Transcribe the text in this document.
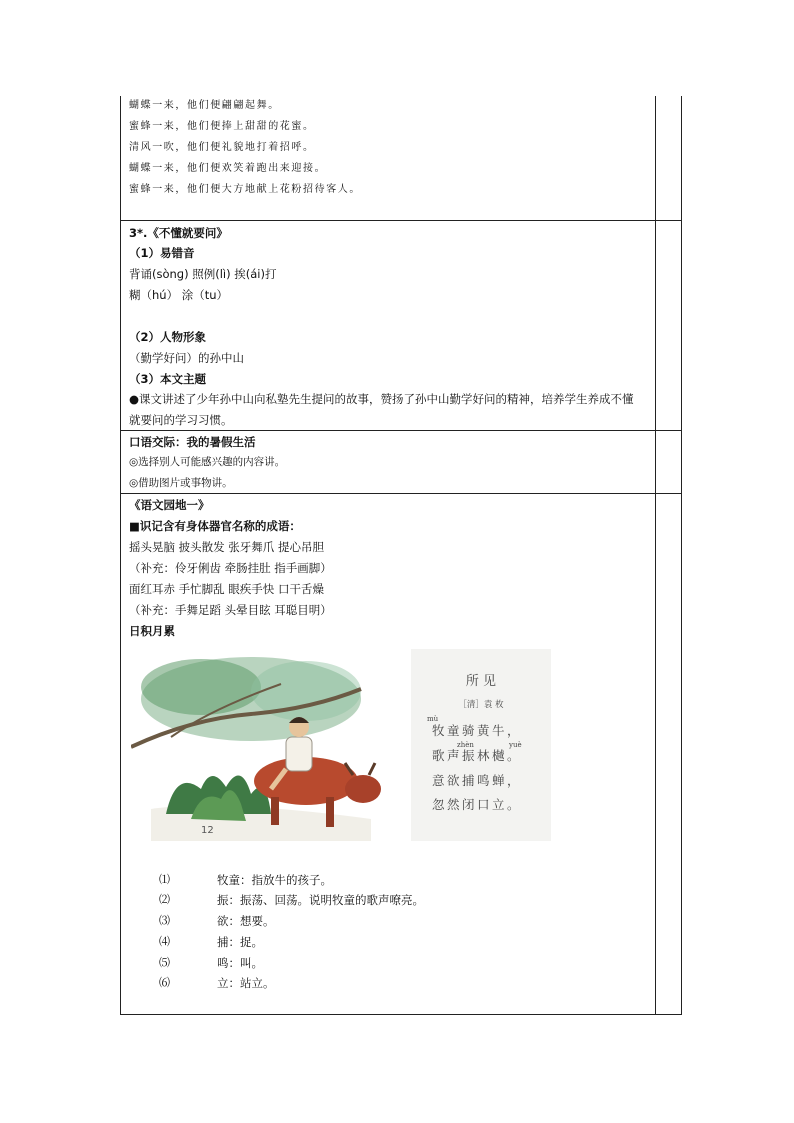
蝴蝶一来，他们便翩翩起舞。
蜜蜂一来，他们便捧上甜甜的花蜜。
清风一吹，他们便礼貌地打着招呼。
蝴蝶一来，他们便欢笑着跑出来迎接。
蜜蜂一来，他们便大方地献上花粉招待客人。
3*.《不懂就要问》
（1）易错音
背诵(sònɡ) 照例(lì) 挨(ái)打
糊（hú） 涂（tu）
（2）人物形象
（勤学好问）的孙中山
（3）本文主题
●课文讲述了少年孙中山向私塾先生提问的故事，赞扬了孙中山勤学好问的精神，培养学生养成不懂就要问的学习习惯。
口语交际：我的暑假生活
◎选择别人可能感兴趣的内容讲。
◎借助图片或事物讲。
《语文园地一》
■识记含有身体器官名称的成语：
摇头晃脑 披头散发 张牙舞爪 提心吊胆
（补充：伶牙俐齿 牵肠挂肚 指手画脚）
面红耳赤 手忙脚乱 眼疾手快 口干舌燥
（补充：手舞足蹈 头晕目眩 耳聪目明）
日积月累
12
所 见
［清］袁 枚
mù
牧童骑黄牛，
zhèn	yuè
歌声振林樾。
意欲捕鸣蝉，
忽然闭口立。
⑴	牧童：指放牛的孩子。
⑵	振：振荡、回荡。说明牧童的歌声嘹亮。
⑶	欲：想要。
⑷	捕：捉。
⑸	鸣：叫。
⑹	立：站立。
